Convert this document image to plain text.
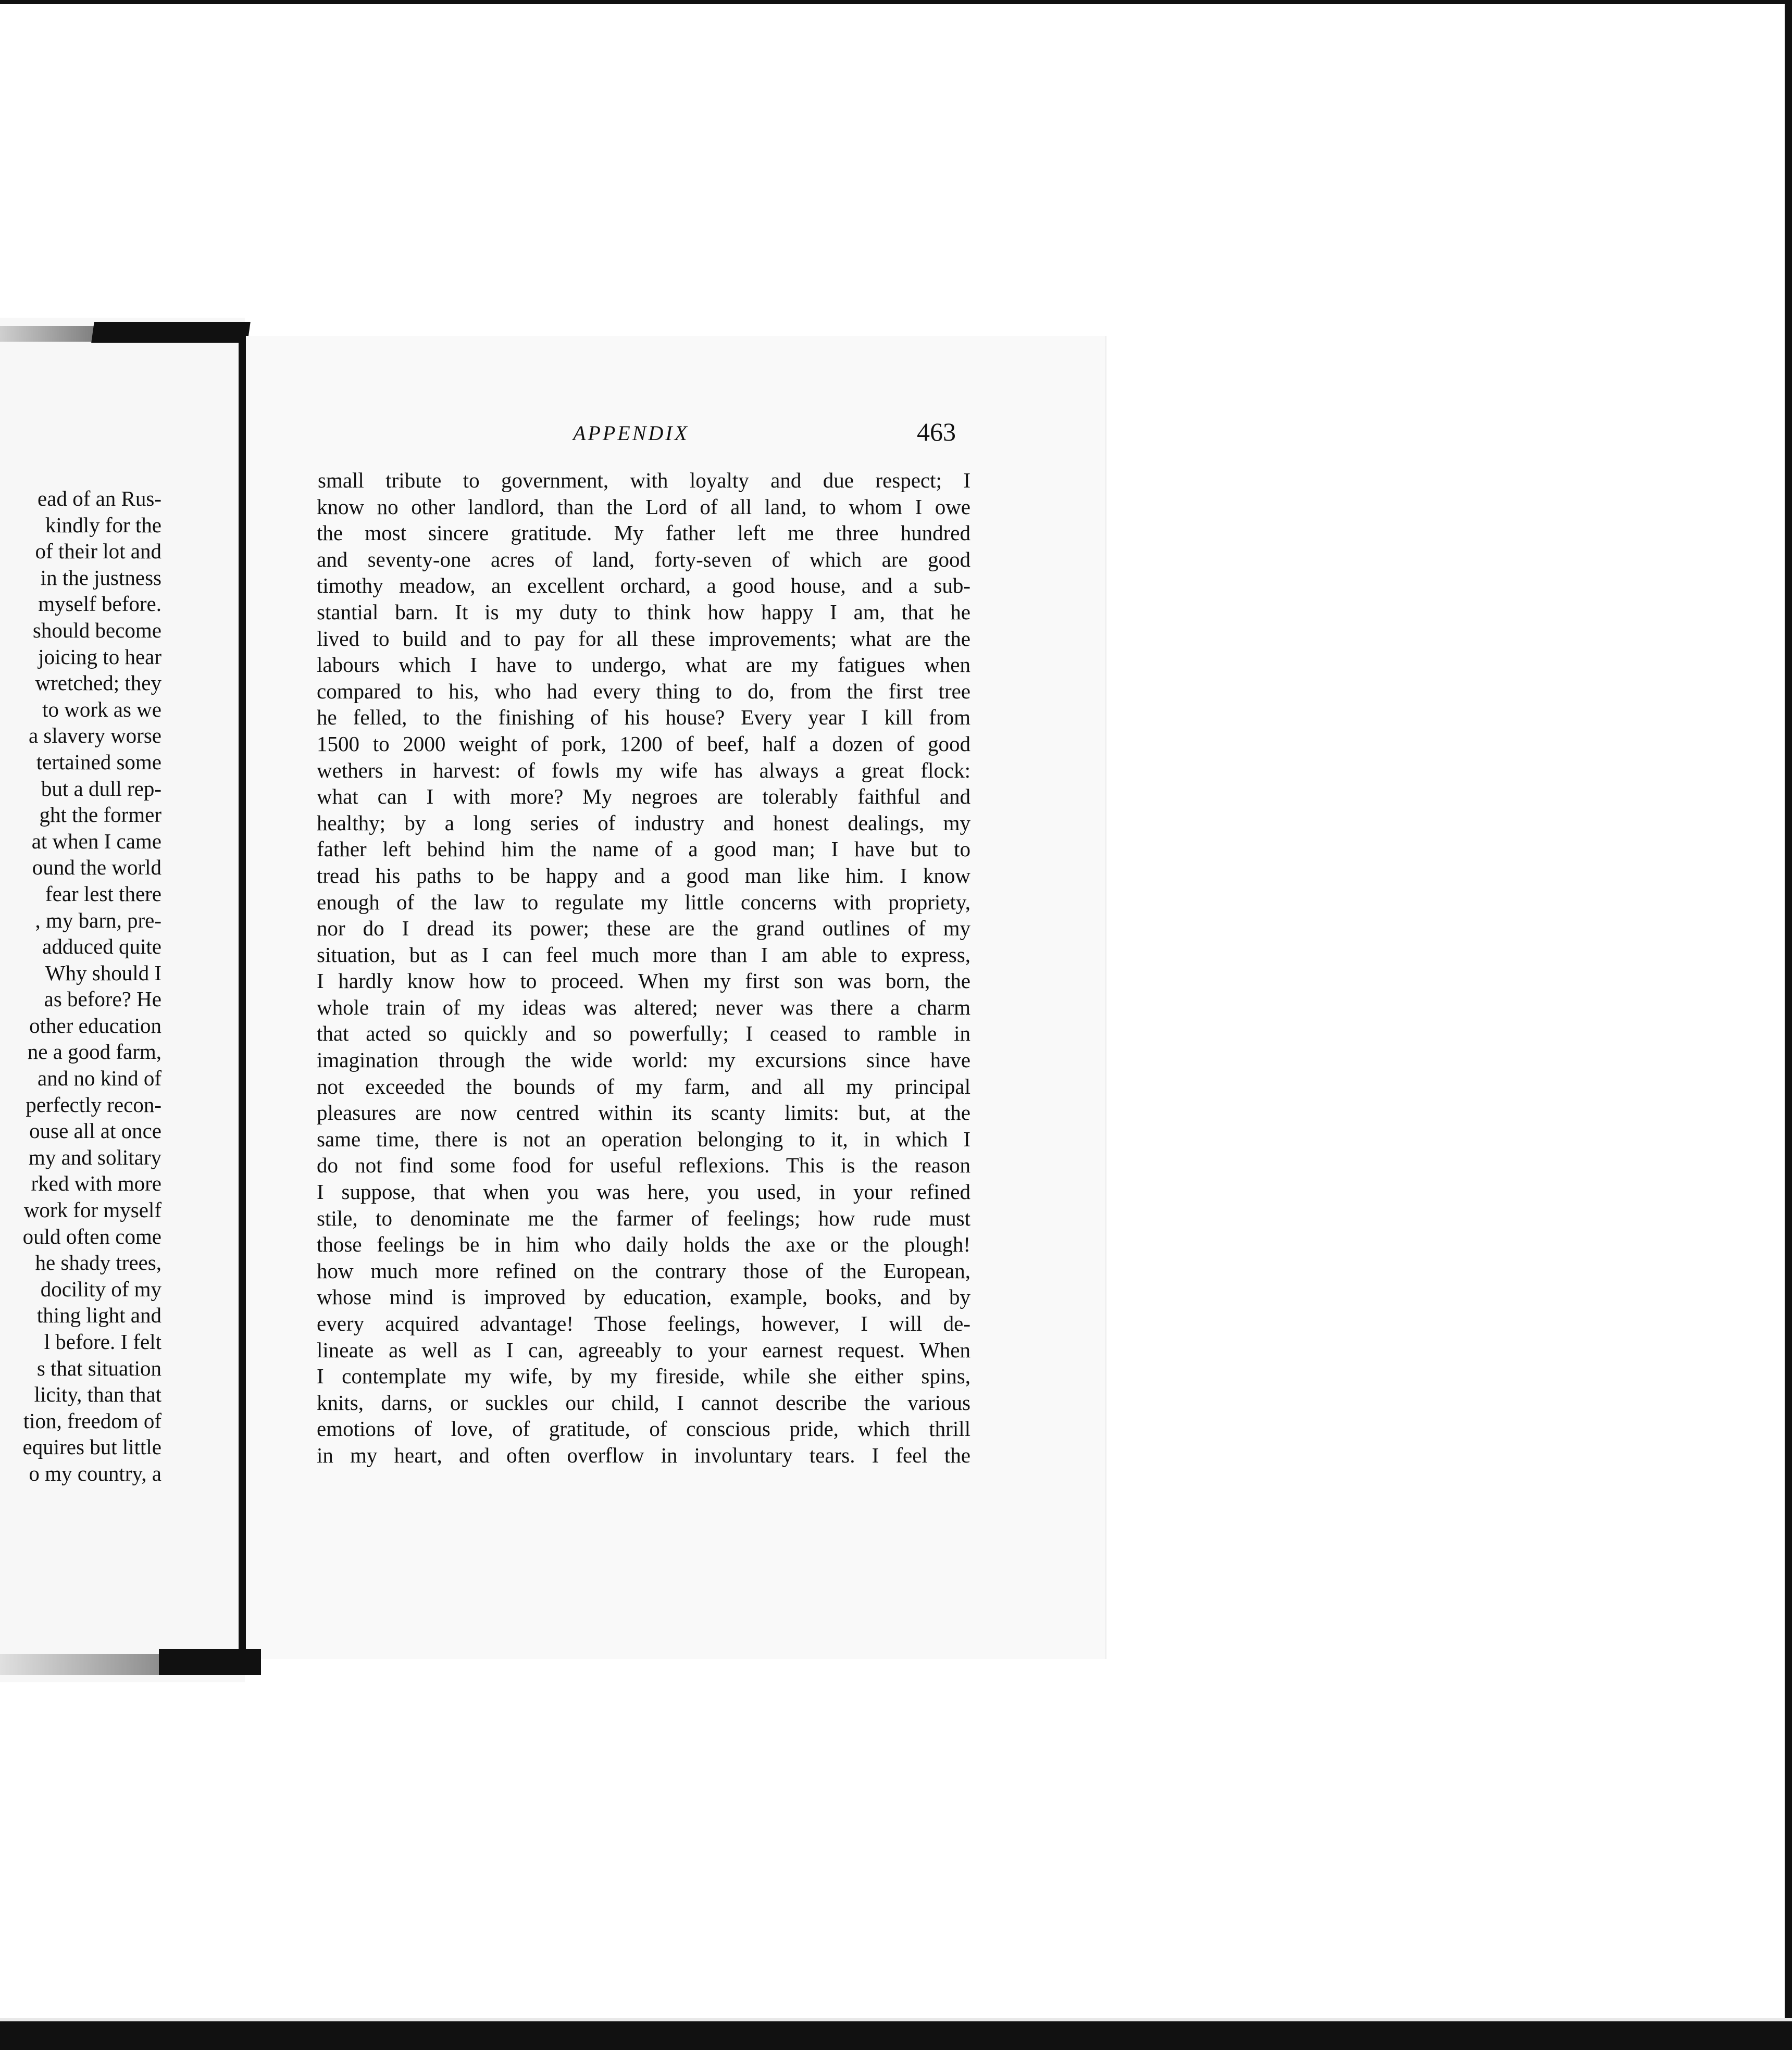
ead of an Rus-
kindly for the
of their lot and
in the justness
myself before.
should become
joicing to hear
wretched; they
to work as we
a slavery worse
tertained some
but a dull rep-
ght the former
at when I came
ound the world
fear lest there
, my barn, pre-
adduced quite
Why should I
as before? He
other education
ne a good farm,
and no kind of
perfectly recon-
ouse all at once
my and solitary
rked with more
work for myself
ould often come
he shady trees,
docility of my
thing light and
l before. I felt
s that situation
licity, than that
tion, freedom of
equires but little
o my country, a
APPENDIX	463
small tribute to government, with loyalty and due respect; I
know no other landlord, than the Lord of all land, to whom I owe
the most sincere gratitude. My father left me three hundred
and seventy-one acres of land, forty-seven of which are good
timothy meadow, an excellent orchard, a good house, and a sub-
stantial barn. It is my duty to think how happy I am, that he
lived to build and to pay for all these improvements; what are the
labours which I have to undergo, what are my fatigues when
compared to his, who had every thing to do, from the first tree
he felled, to the finishing of his house? Every year I kill from
1500 to 2000 weight of pork, 1200 of beef, half a dozen of good
wethers in harvest: of fowls my wife has always a great flock:
what can I with more? My negroes are tolerably faithful and
healthy; by a long series of industry and honest dealings, my
father left behind him the name of a good man; I have but to
tread his paths to be happy and a good man like him. I know
enough of the law to regulate my little concerns with propriety,
nor do I dread its power; these are the grand outlines of my
situation, but as I can feel much more than I am able to express,
I hardly know how to proceed. When my first son was born, the
whole train of my ideas was altered; never was there a charm
that acted so quickly and so powerfully; I ceased to ramble in
imagination through the wide world: my excursions since have
not exceeded the bounds of my farm, and all my principal
pleasures are now centred within its scanty limits: but, at the
same time, there is not an operation belonging to it, in which I
do not find some food for useful reflexions. This is the reason
I suppose, that when you was here, you used, in your refined
stile, to denominate me the farmer of feelings; how rude must
those feelings be in him who daily holds the axe or the plough!
how much more refined on the contrary those of the European,
whose mind is improved by education, example, books, and by
every acquired advantage! Those feelings, however, I will de-
lineate as well as I can, agreeably to your earnest request. When
I contemplate my wife, by my fireside, while she either spins,
knits, darns, or suckles our child, I cannot describe the various
emotions of love, of gratitude, of conscious pride, which thrill
in my heart, and often overflow in involuntary tears. I feel the
